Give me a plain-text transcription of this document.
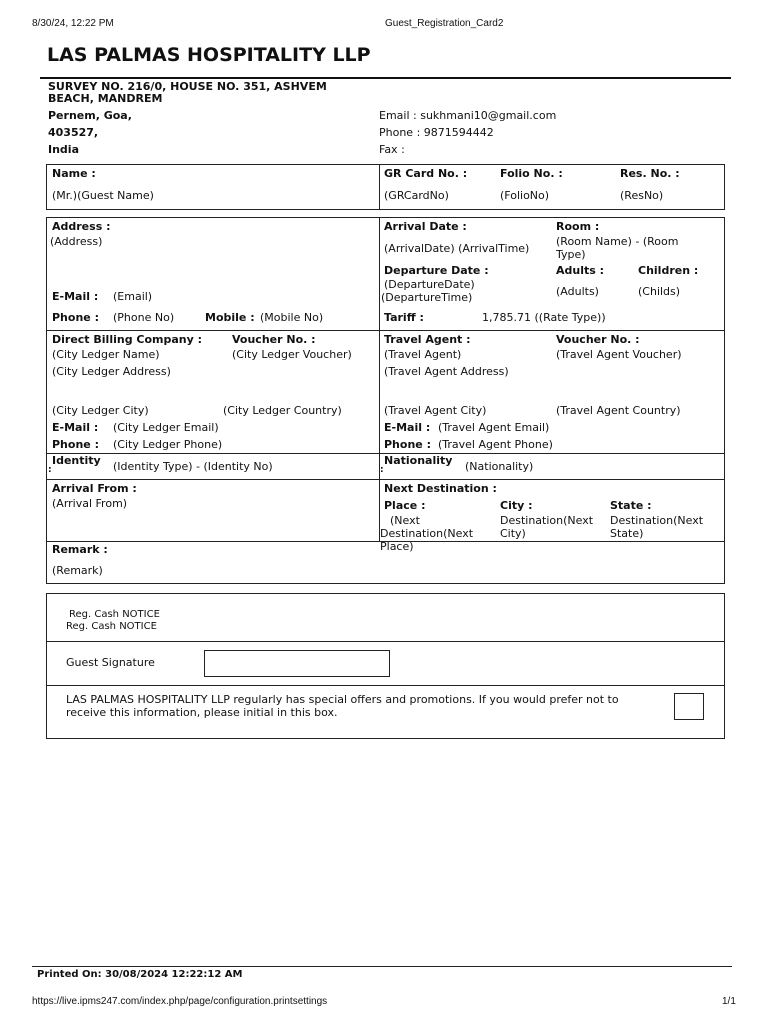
8/30/24, 12:22 PM	Guest_Registration_Card2
LAS PALMAS HOSPITALITY LLP
SURVEY NO. 216/0, HOUSE NO. 351, ASHVEM
BEACH, MANDREM
Pernem, Goa,
403527,
India
Email : sukhmani10@gmail.com
Phone : 9871594442
Fax :
Name :
(Mr.)(Guest Name)
GR Card No. :
(GRCardNo)
Folio No. :
(FolioNo)
Res. No. :
(ResNo)
Address :
(Address)
E-Mail : (Email)
Phone : (Phone No)	Mobile : (Mobile No)
Arrival Date :
(ArrivalDate) (ArrivalTime)
Room :
(Room Name) - (Room Type)
Departure Date :
(DepartureDate)
(DepartureTime)
Adults :
(Adults)
Children :
(Childs)
Tariff :	1,785.71 ((Rate Type))
Direct Billing Company :
(City Ledger Name)
Voucher No. :
(City Ledger Voucher)
(City Ledger Address)
(City Ledger City)	(City Ledger Country)
E-Mail : (City Ledger Email)
Phone : (City Ledger Phone)
Travel Agent :
(Travel Agent)
Voucher No. :
(Travel Agent Voucher)
(Travel Agent Address)
(Travel Agent City)	(Travel Agent Country)
E-Mail : (Travel Agent Email)
Phone : (Travel Agent Phone)
Identity
:	(Identity Type) - (Identity No)	Nationality
:	(Nationality)
Arrival From :
(Arrival From)
Next Destination :
Place :
(Next Destination(Next Place)
City :
Destination(Next City)
State :
Destination(Next State)
Remark :
(Remark)
Reg. Cash NOTICE
Reg. Cash NOTICE
Guest Signature
LAS PALMAS HOSPITALITY LLP regularly has special offers and promotions. If you would prefer not to receive this information, please initial in this box.
Printed On: 30/08/2024 12:22:12 AM
https://live.ipms247.com/index.php/page/configuration.printsettings	1/1
